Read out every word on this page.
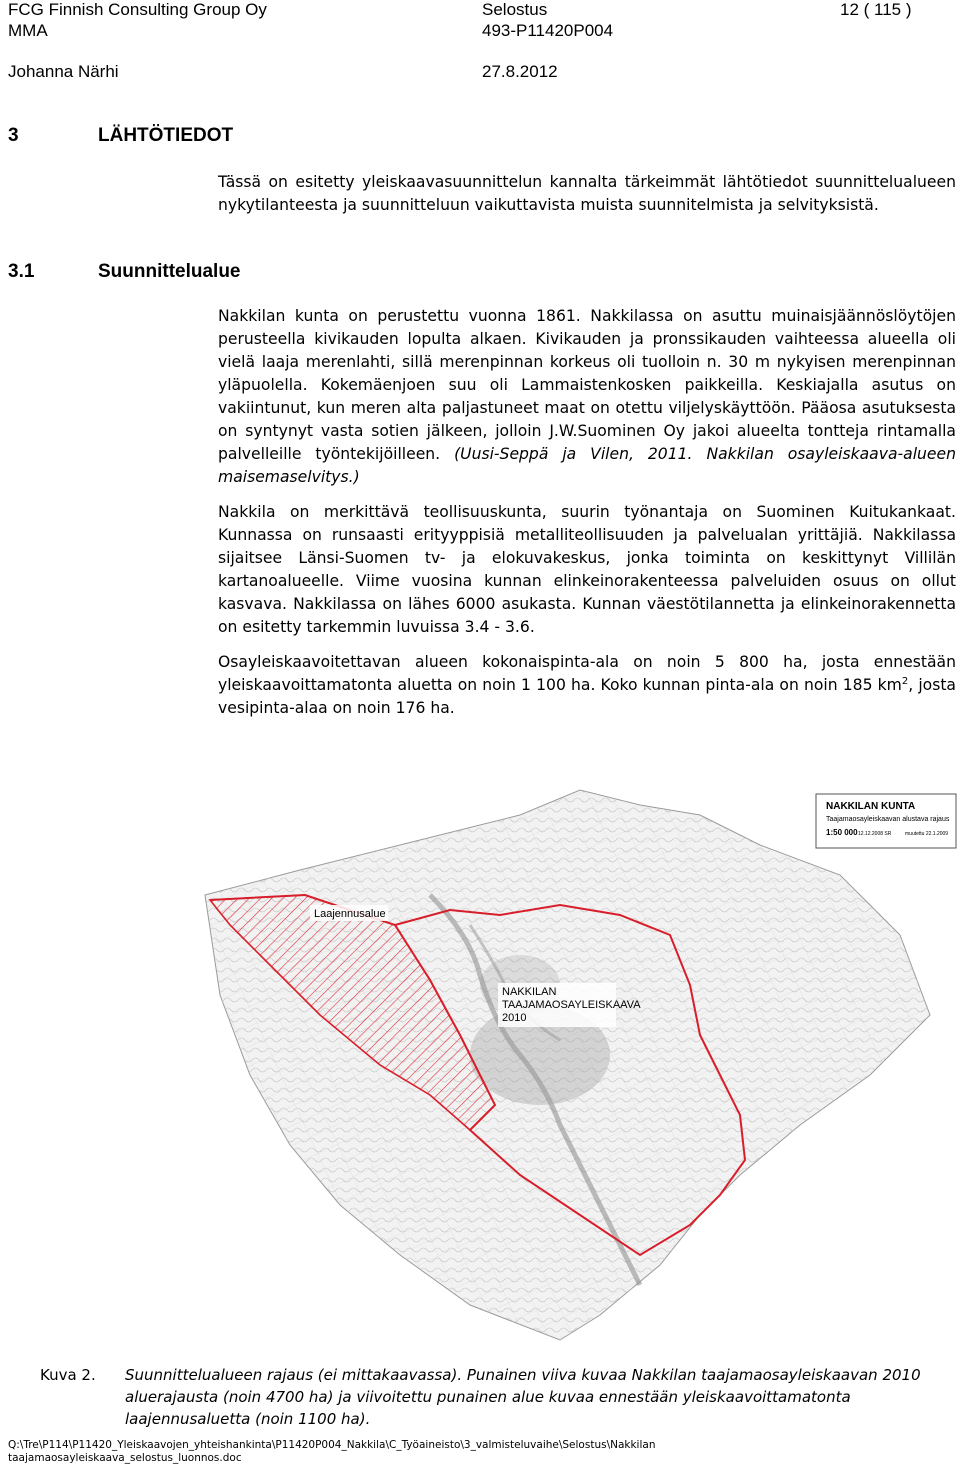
FCG Finnish Consulting Group Oy
MMA
Johanna Närhi
Selostus
493-P11420P004
27.8.2012
12 ( 115 )
3	LÄHTÖTIEDOT

Tässä on esitetty yleiskaavasuunnittelun kannalta tärkeimmät lähtötiedot suunnittelualueen nykytilanteesta ja suunnitteluun vaikuttavista muista suunnitelmista ja selvityksistä.

3.1	Suunnittelualue

Nakkilan kunta on perustettu vuonna 1861. Nakkilassa on asuttu muinaisjäännöslöytöjen perusteella kivikauden lopulta alkaen. Kivikauden ja pronssikauden vaihteessa alueella oli vielä laaja merenlahti, sillä merenpinnan korkeus oli tuolloin n. 30 m nykyisen merenpinnan yläpuolella. Kokemäenjoen suu oli Lammaistenkosken paikkeilla. Keskiajalla asutus on vakiintunut, kun meren alta paljastuneet maat on otettu viljelyskäyttöön. Pääosa asutuksesta on syntynyt vasta sotien jälkeen, jolloin J.W.Suominen Oy jakoi alueelta tontteja rintamalla palvelleille työntekijöilleen. (Uusi-Seppä ja Vilen, 2011. Nakkilan osayleiskaava-alueen maisemaselvitys.)

Nakkila on merkittävä teollisuuskunta, suurin työnantaja on Suominen Kuitukankaat. Kunnassa on runsaasti erityyppisiä metalliteollisuuden ja palvelualan yrittäjiä. Nakkilassa sijaitsee Länsi-Suomen tv- ja elokuvakeskus, jonka toiminta on keskittynyt Villilän kartanoalueelle. Viime vuosina kunnan elinkeinorakenteessa palveluiden osuus on ollut kasvava. Nakkilassa on lähes 6000 asukasta. Kunnan väestötilannetta ja elinkeinorakennetta on esitetty tarkemmin luvuissa 3.4 - 3.6.

Osayleiskaavoitettavan alueen kokonaispinta-ala on noin 5 800 ha, josta ennestään yleiskaavoittamatonta aluetta on noin 1 100 ha. Koko kunnan pinta-ala on noin 185 $km^2$, josta vesipinta-alaa on noin 176 ha.

Laajennusalue
NAKKILAN
TAAJAMAOSAYLEISKAAVA
2010
NAKKILAN KUNTA
Taajamaosayleiskaavan alustava rajaus
1:50 000 12.12.2008 SR	muutettu 22.1.2009
Kuva 2. Suunnittelualueen rajaus (ei mittakaavassa). Punainen viiva kuvaa Nakkilan taajamaosayleiskaavan 2010 aluerajausta (noin 4700 ha) ja viivoitettu punainen alue kuvaa ennestään yleiskaavoittamatonta laajennusaluetta (noin 1100 ha).
Q:\Tre\P114\P11420_Yleiskaavojen_yhteishankinta\P11420P004_Nakkila\C_Työaineisto\3_valmisteluvaihe\Selostus\Nakkilan
taajamaosayleiskaava_selostus_luonnos.doc
